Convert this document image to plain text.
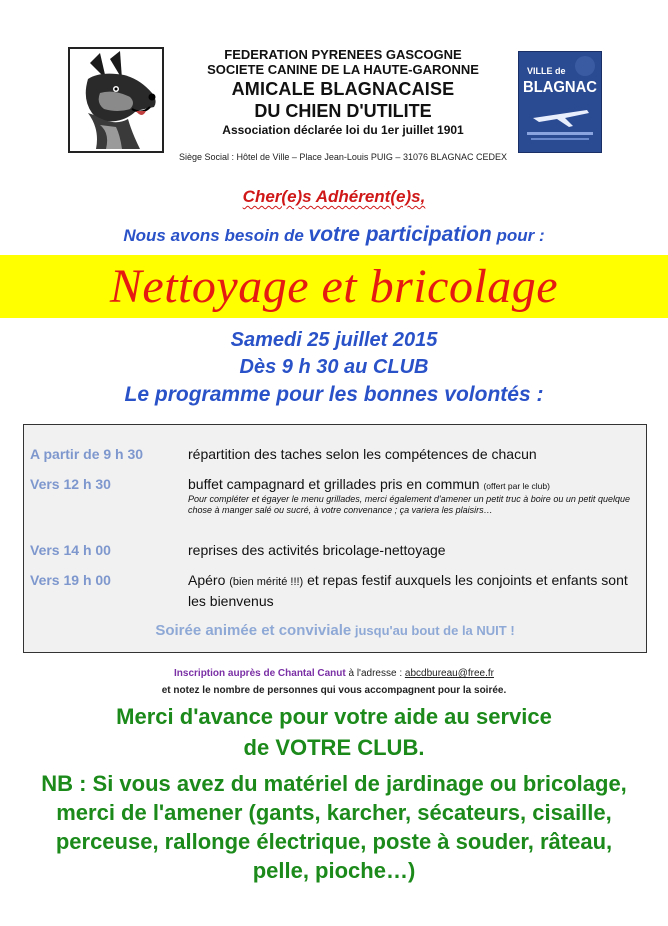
FEDERATION PYRENEES GASCOGNE
SOCIETE CANINE DE LA HAUTE-GARONNE
AMICALE BLAGNACAISE
DU CHIEN D'UTILITE
Association déclarée loi du 1er juillet 1901
Siège Social : Hôtel de Ville – Place Jean-Louis PUIG – 31076 BLAGNAC CEDEX
VILLE de
BLAGNAC
Cher(e)s Adhérent(e)s,
Nous avons besoin de votre participation pour :
Nettoyage et bricolage
Samedi 25 juillet 2015
Dès 9 h 30 au CLUB
Le programme pour les bonnes volontés :
A partir de 9 h 30	répartition des taches selon les compétences de chacun
Vers 12 h 30	buffet campagnard et grillades pris en commun (offert par le club)
Pour compléter et égayer le menu grillades, merci également d'amener un petit truc à boire ou un petit quelque chose à manger salé ou sucré, à votre convenance ; ça variera les plaisirs…
Vers 14 h 00	reprises des activités bricolage-nettoyage
Vers 19 h 00	Apéro (bien mérité !!!) et repas festif auxquels les conjoints et enfants sont les bienvenus
Soirée animée et conviviale jusqu'au bout de la NUIT !
Inscription auprès de Chantal Canut à l'adresse : abcdbureau@free.fr
et notez le nombre de personnes qui vous accompagnent pour la soirée.
Merci d'avance pour votre aide au service
de VOTRE CLUB.
NB : Si vous avez du matériel de jardinage ou bricolage, merci de l'amener (gants, karcher, sécateurs, cisaille, perceuse, rallonge électrique, poste à souder, râteau, pelle, pioche…)
